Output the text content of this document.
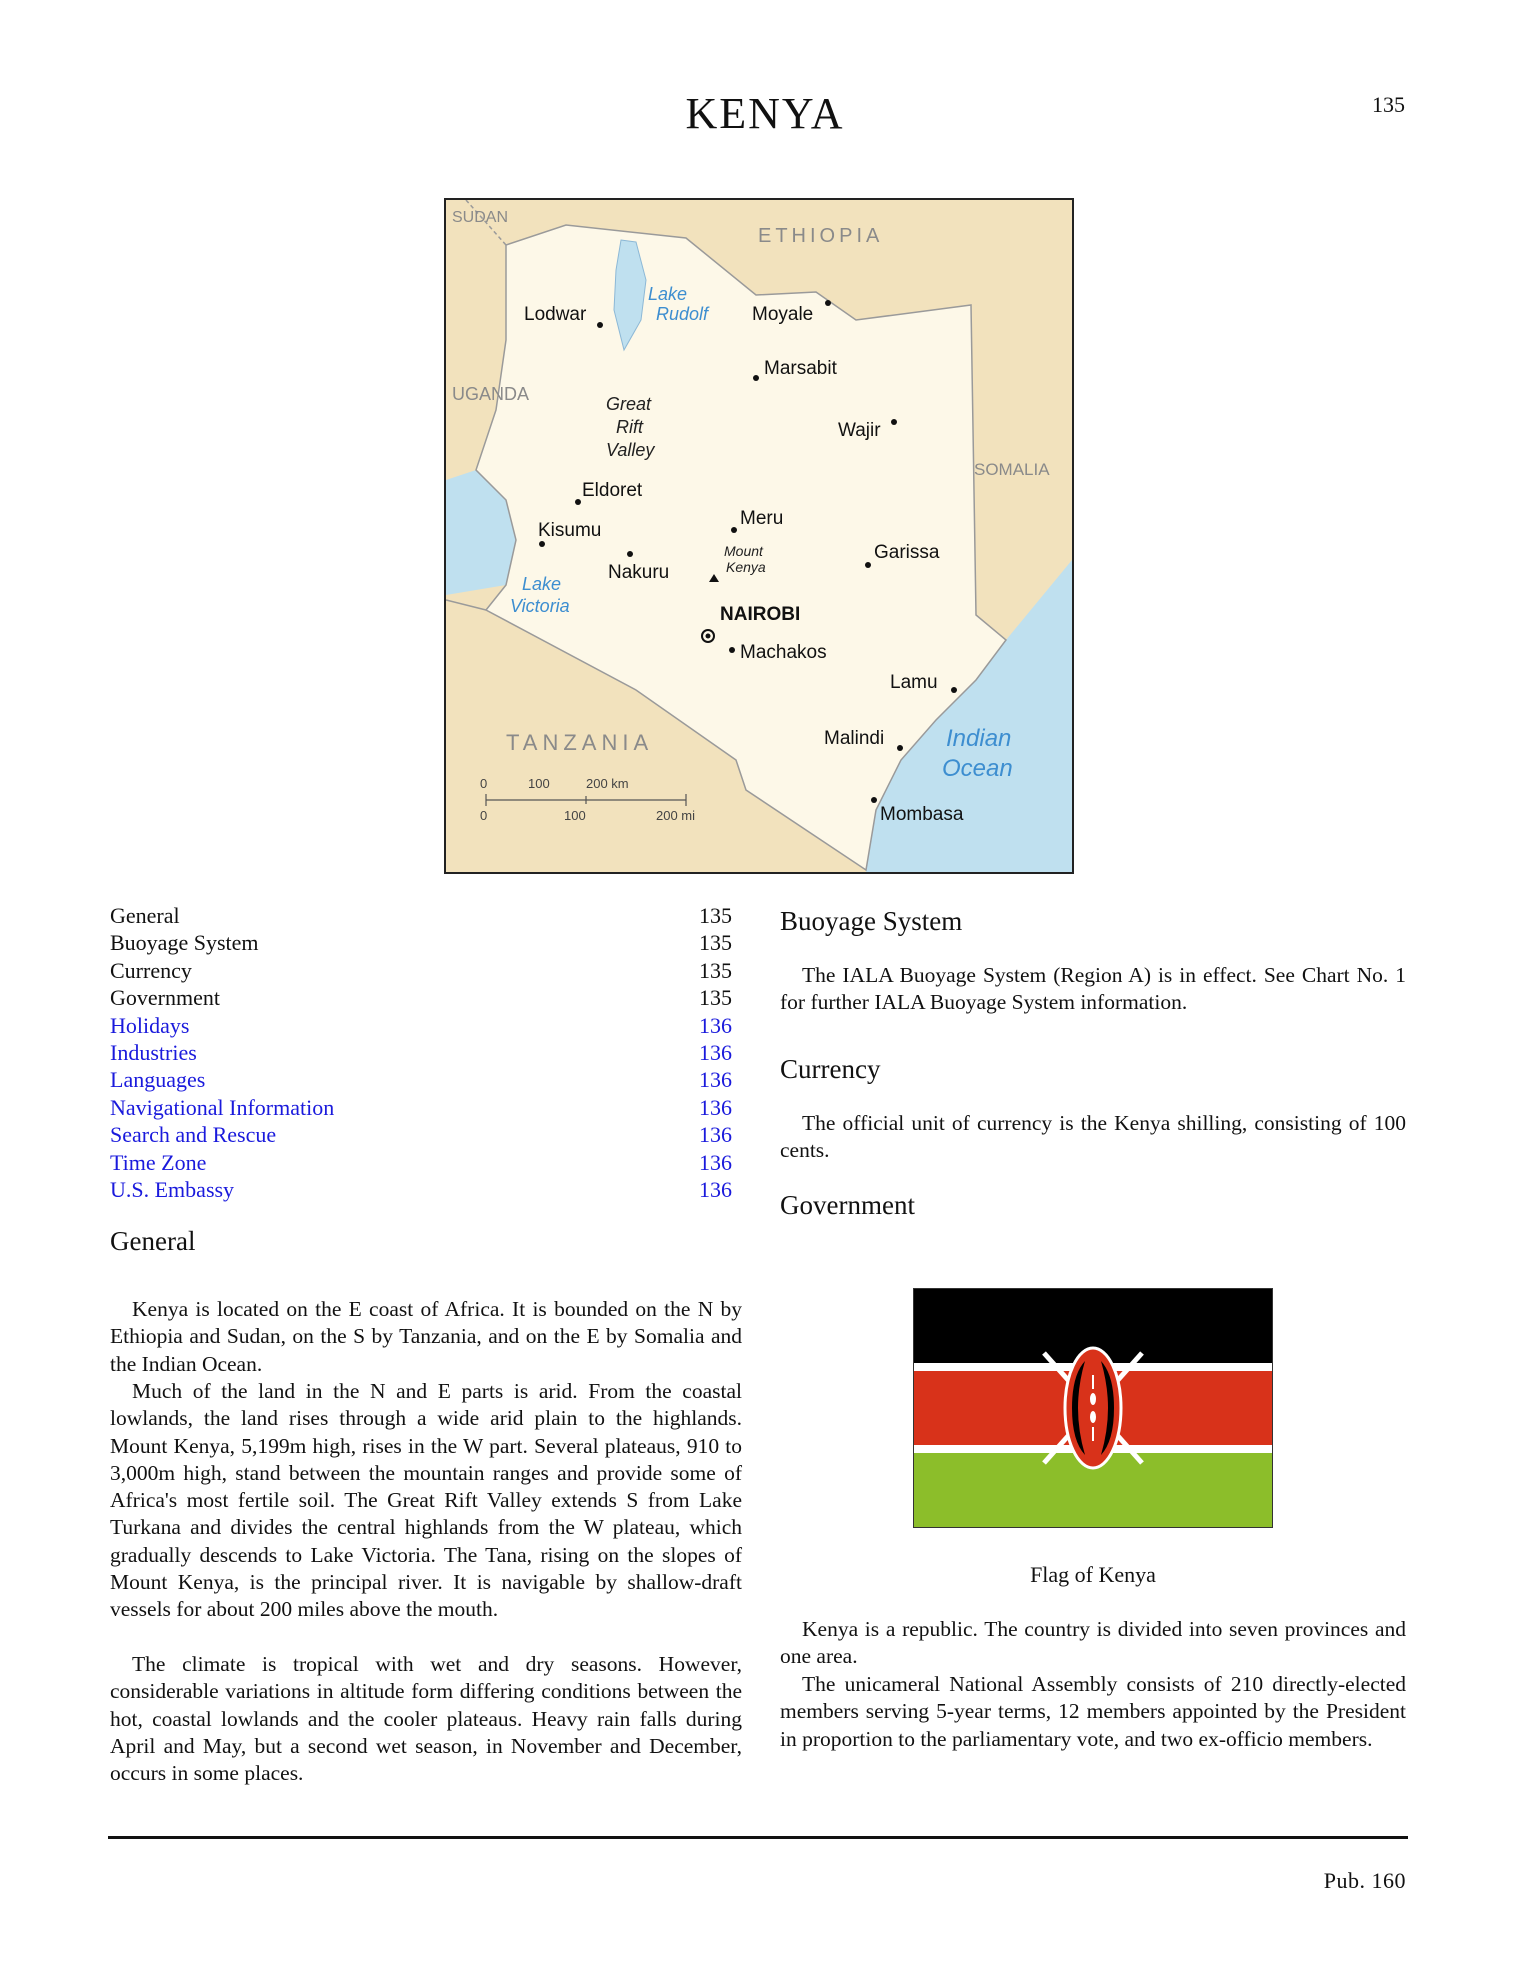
KENYA	135
SUDAN
ETHIOPIA
UGANDA
SOMALIA
TANZANIA
Lake
Rudolf
Lake
Victoria
Indian
Ocean
Great
Rift
Valley
Lodwar	Moyale
Marsabit
Wajir
Eldoret
Kisumu
Nakuru
Meru
Garissa
NAIROBI
Machakos
Lamu
Malindi
Mombasa
Mount
Kenya
0	100	200 km
0	100	200 mi
General	135
Buoyage System	135
Currency	135
Government	135
Holidays	136
Industries	136
Languages	136
Navigational Information	136
Search and Rescue	136
Time Zone	136
U.S. Embassy	136
General

Kenya is located on the E coast of Africa. It is bounded on the N by Ethiopia and Sudan, on the S by Tanzania, and on the E by Somalia and the Indian Ocean.

Much of the land in the N and E parts is arid. From the coastal lowlands, the land rises through a wide arid plain to the highlands. Mount Kenya, 5,199m high, rises in the W part. Several plateaus, 910 to 3,000m high, stand between the mountain ranges and provide some of Africa's most fertile soil. The Great Rift Valley extends S from Lake Turkana and divides the central highlands from the W plateau, which gradually descends to Lake Victoria. The Tana, rising on the slopes of Mount Kenya, is the principal river. It is navigable by shallow-draft vessels for about 200 miles above the mouth.

The climate is tropical with wet and dry seasons. However, considerable variations in altitude form differing conditions between the hot, coastal lowlands and the cooler plateaus. Heavy rain falls during April and May, but a second wet season, in November and December, occurs in some places.

Buoyage System

The IALA Buoyage System (Region A) is in effect. See Chart No. 1 for further IALA Buoyage System information.

Currency

The official unit of currency is the Kenya shilling, consisting of 100 cents.

Government
Flag of Kenya

Kenya is a republic. The country is divided into seven provinces and one area.

The unicameral National Assembly consists of 210 directly-elected members serving 5-year terms, 12 members appointed by the President in proportion to the parliamentary vote, and two ex-officio members.

Pub. 160
